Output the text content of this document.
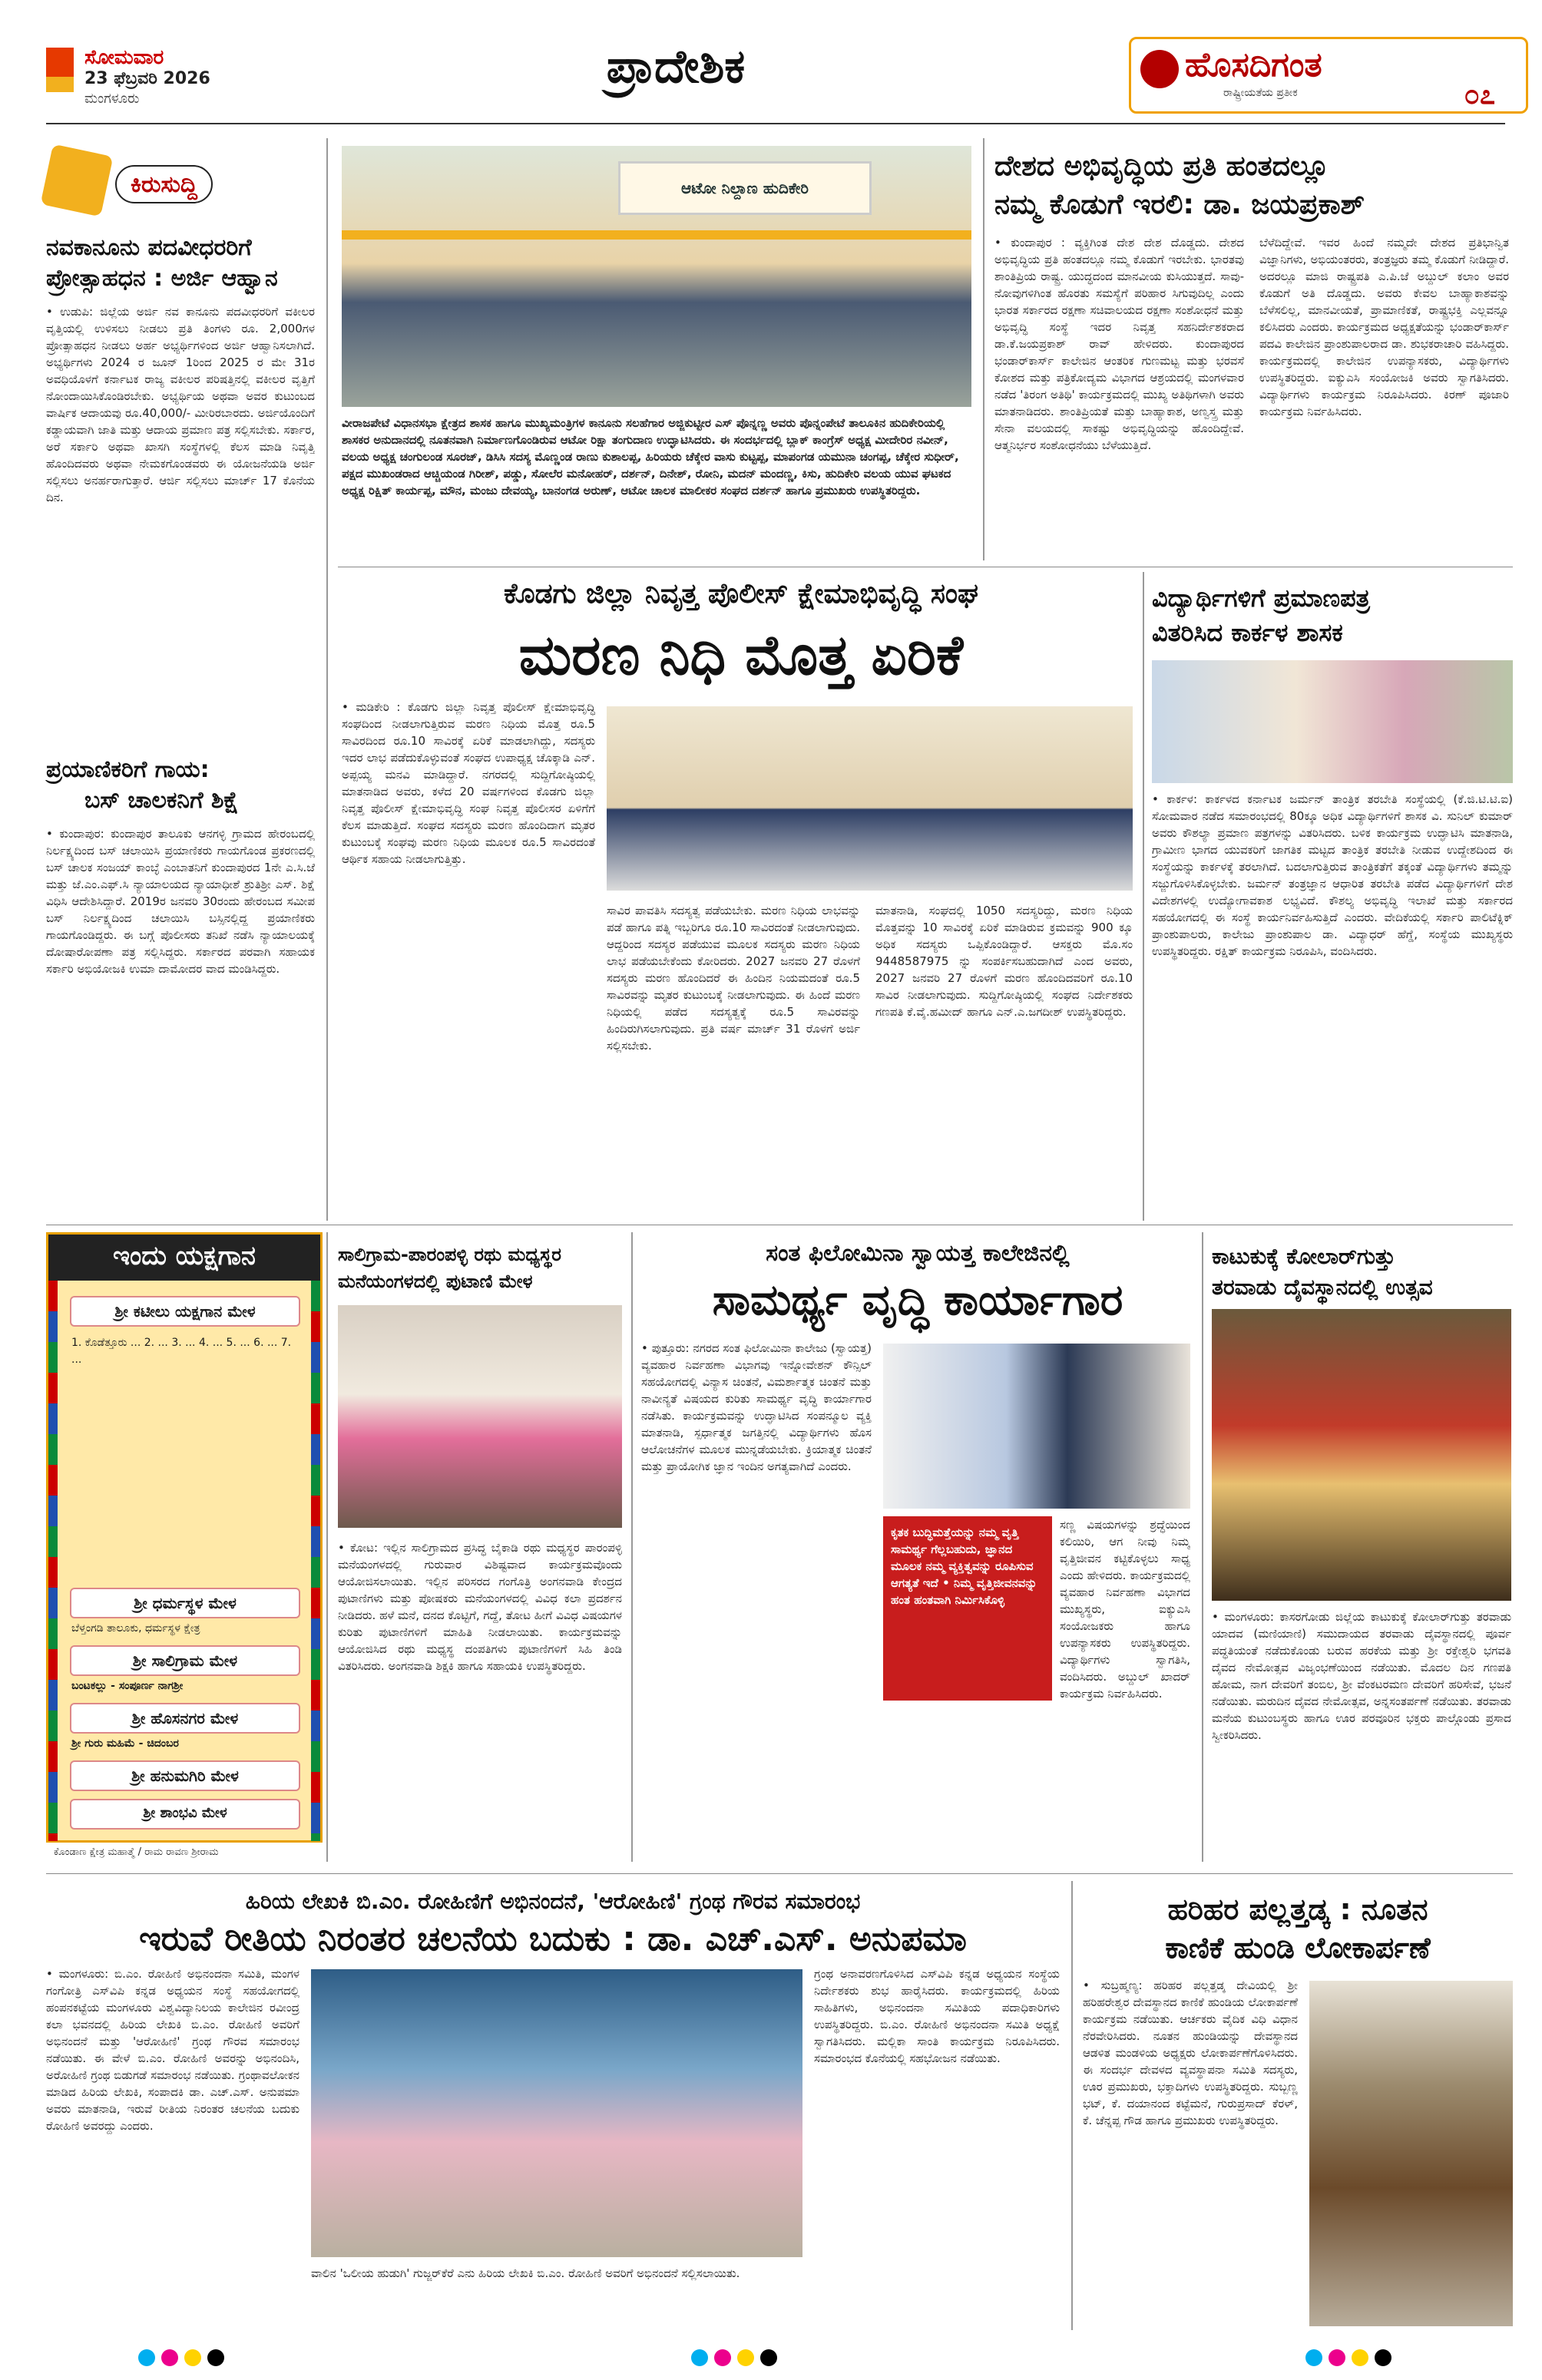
ಸೋಮವಾರ
23 ಫೆಬ್ರವರಿ 2026
ಮಂಗಳೂರು
ಪ್ರಾದೇಶಿಕ	ಹೊಸದಿಗಂತ
ರಾಷ್ಟ್ರೀಯತೆಯ ಪ್ರತೀಕ	೦೭
ಕಿರುಸುದ್ದಿ
ನವಕಾನೂನು ಪದವೀಧರರಿಗೆ
ಪ್ರೋತ್ಸಾಹಧನ : ಅರ್ಜಿ ಆಹ್ವಾನ
• ಉಡುಪಿ: ಜಿಲ್ಲೆಯ ಅರ್ಜಿ ನವ ಕಾನೂನು ಪದವೀಧರರಿಗೆ ವಕೀಲರ ವೃತ್ತಿಯಲ್ಲಿ ಉಳಿಸಲು ನೀಡಲು ಪ್ರತಿ ತಿಂಗಳು ರೂ. 2,000ಗಳ ಪ್ರೋತ್ಸಾಹಧನ ನೀಡಲು ಅರ್ಹ ಅಭ್ಯರ್ಥಿಗಳಿಂದ ಅರ್ಜಿ ಆಹ್ವಾನಿಸಲಾಗಿದೆ. ಅಭ್ಯರ್ಥಿಗಳು 2024 ರ ಜೂನ್ 1ರಿಂದ 2025 ರ ಮೇ 31ರ ಅವಧಿಯೊಳಗೆ ಕರ್ನಾಟಕ ರಾಜ್ಯ ವಕೀಲರ ಪರಿಷತ್ತಿನಲ್ಲಿ ವಕೀಲರ ವೃತ್ತಿಗೆ ನೋಂದಾಯಿಸಿಕೊಂಡಿರಬೇಕು. ಅಭ್ಯರ್ಥಿಯ ಅಥವಾ ಅವರ ಕುಟುಂಬದ ವಾರ್ಷಿಕ ಆದಾಯವು ರೂ.40,000/- ಮೀರಿರಬಾರದು. ಅರ್ಜಿಯೊಂದಿಗೆ ಕಡ್ಡಾಯವಾಗಿ ಜಾತಿ ಮತ್ತು ಆದಾಯ ಪ್ರಮಾಣ ಪತ್ರ ಸಲ್ಲಿಸಬೇಕು. ಸರ್ಕಾರ, ಅರೆ ಸರ್ಕಾರಿ ಅಥವಾ ಖಾಸಗಿ ಸಂಸ್ಥೆಗಳಲ್ಲಿ ಕೆಲಸ ಮಾಡಿ ನಿವೃತ್ತಿ ಹೊಂದಿದವರು ಅಥವಾ ನೇಮಕಗೊಂಡವರು ಈ ಯೋಜನೆಯಡಿ ಅರ್ಜಿ ಸಲ್ಲಿಸಲು ಅನರ್ಹರಾಗುತ್ತಾರೆ. ಆರ್ಜಿ ಸಲ್ಲಿಸಲು ಮಾರ್ಚ್ 17 ಕೊನೆಯ ದಿನ.
ಪ್ರಯಾಣಿಕರಿಗೆ ಗಾಯ:
ಬಸ್ ಚಾಲಕನಿಗೆ ಶಿಕ್ಷೆ
• ಕುಂದಾಪುರ: ಕುಂದಾಪುರ ತಾಲೂಕು ಆನಗಳ್ಳಿ ಗ್ರಾಮದ ಹೇರಂಬದಲ್ಲಿ ನಿರ್ಲಕ್ಷ್ಯದಿಂದ ಬಸ್ ಚಲಾಯಿಸಿ ಪ್ರಯಾಣಿಕರು ಗಾಯಗೊಂಡ ಪ್ರಕರಣದಲ್ಲಿ ಬಸ್ ಚಾಲಕ ಸಂಜಯ್ ಕಾಂಬ್ಳೆ ಎಂಬಾತನಿಗೆ ಕುಂದಾಪುರದ 1ನೇ ಎ.ಸಿ.ಜೆ ಮತ್ತು ಜೆ.ಎಂ.ಎಫ್.ಸಿ ನ್ಯಾಯಾಲಯದ ನ್ಯಾಯಾಧೀಶೆ ಶ್ರುತಿಶ್ರೀ ಎಸ್. ಶಿಕ್ಷೆ ವಿಧಿಸಿ ಆದೇಶಿಸಿದ್ದಾರೆ. 2019ರ ಜನವರಿ 30ರಂದು ಹೇರಂಬದ ಸಮೀಪ ಬಸ್ ನಿರ್ಲಕ್ಷ್ಯದಿಂದ ಚಲಾಯಿಸಿ ಬಸ್ಸಿನಲ್ಲಿದ್ದ ಪ್ರಯಾಣಿಕರು ಗಾಯಗೊಂಡಿದ್ದರು. ಈ ಬಗ್ಗೆ ಪೊಲೀಸರು ತನಿಖೆ ನಡೆಸಿ ನ್ಯಾಯಾಲಯಕ್ಕೆ ದೋಷಾರೋಪಣಾ ಪತ್ರ ಸಲ್ಲಿಸಿದ್ದರು. ಸರ್ಕಾರದ ಪರವಾಗಿ ಸಹಾಯಕ ಸರ್ಕಾರಿ ಅಭಿಯೋಜಕಿ ಉಮಾ ದಾಮೋದರ ವಾದ ಮಂಡಿಸಿದ್ದರು.
ಆಟೋ ನಿಲ್ದಾಣ ಹುದಿಕೇರಿ
ವೀರಾಜಪೇಟೆ ವಿಧಾನಸಭಾ ಕ್ಷೇತ್ರದ ಶಾಸಕ ಹಾಗೂ ಮುಖ್ಯಮಂತ್ರಿಗಳ ಕಾನೂನು ಸಲಹೆಗಾರ ಅಜ್ಜಿಕುಟ್ಟೀರ ಎಸ್ ಪೊನ್ನಣ್ಣ ಅವರು ಪೊನ್ನಂಪೇಟೆ ತಾಲೂಕಿನ ಹುದಿಕೇರಿಯಲ್ಲಿ ಶಾಸಕರ ಅನುದಾನದಲ್ಲಿ ನೂತನವಾಗಿ ನಿರ್ಮಾಣಗೊಂಡಿರುವ ಆಟೋ ರಿಕ್ಷಾ ತಂಗುದಾಣ ಉದ್ಘಾಟಿಸಿದರು. ಈ ಸಂದರ್ಭದಲ್ಲಿ ಬ್ಲಾಕ್ ಕಾಂಗ್ರೆಸ್ ಅಧ್ಯಕ್ಷ ಮೀದೇರಿರ ನವೀನ್, ವಲಯ ಅಧ್ಯಕ್ಷ ಚಂಗುಲಂಡ ಸೂರಜ್, ಡಿಸಿಸಿ ಸದಸ್ಯ ಮೊಣ್ಣಂಡ ರಾಣು ಕುಶಾಲಪ್ಪ, ಹಿರಿಯರು ಚೆಕ್ಕೇರ ವಾಸು ಕುಟ್ಟಪ್ಪ, ಮಾಪಂಗಡ ಯಮುನಾ ಚಂಗಪ್ಪ, ಚೆಕ್ಕೇರ ಸುಧೀರ್, ಪಕ್ಷದ ಮುಖಂಡರಾದ ಆಚ್ಚಿಯಂಡ ಗಿರೀಶ್, ಪಡ್ಡು, ಸೋಲೆರ ಮನೋಹರ್, ದರ್ಶನ್, ದಿನೇಶ್, ರೋನಿ, ಮದನ್ ಮಂದಣ್ಣ, ಕಿಸು, ಹುದಿಕೇರಿ ವಲಯ ಯುವ ಘಟಕದ ಅಧ್ಯಕ್ಷ ರಿಕ್ಷಿತ್ ಕಾರ್ಯಪ್ಪ, ಮೌನ, ಮಂಜು ದೇವಯ್ಯ, ಬಾನಂಗಡ ಅರುಣ್, ಆಟೋ ಚಾಲಕ ಮಾಲೀಕರ ಸಂಘದ ದರ್ಶನ್ ಹಾಗೂ ಪ್ರಮುಖರು ಉಪಸ್ಥಿತರಿದ್ದರು.
ದೇಶದ ಅಭಿವೃದ್ಧಿಯ ಪ್ರತಿ ಹಂತದಲ್ಲೂ
ನಮ್ಮ ಕೊಡುಗೆ ಇರಲಿ: ಡಾ. ಜಯಪ್ರಕಾಶ್
• ಕುಂದಾಪುರ : ವ್ಯಕ್ತಿಗಿಂತ ದೇಶ ದೇಶ ದೊಡ್ಡದು. ದೇಶದ ಅಭಿವೃದ್ಧಿಯ ಪ್ರತಿ ಹಂತದಲ್ಲೂ ನಮ್ಮ ಕೊಡುಗೆ ಇರಬೇಕು. ಭಾರತವು ಶಾಂತಿಪ್ರಿಯ ರಾಷ್ಟ್ರ. ಯುದ್ಧದಂದ ಮಾನವೀಯ ಕುಸಿಯುತ್ತದೆ. ಸಾವು-ನೋವುಗಳಿಗಿಂತ ಹೊರತು ಸಮಸ್ಯೆಗೆ ಪರಿಹಾರ ಸಿಗುವುದಿಲ್ಲ ಎಂದು ಭಾರತ ಸರ್ಕಾರದ ರಕ್ಷಣಾ ಸಚಿವಾಲಯದ ರಕ್ಷಣಾ ಸಂಶೋಧನೆ ಮತ್ತು ಅಭಿವೃದ್ಧಿ ಸಂಸ್ಥೆ ಇದರ ನಿವೃತ್ತ ಸಹನಿರ್ದೇಶಕರಾದ ಡಾ.ಕೆ.ಜಯಪ್ರಕಾಶ್ ರಾವ್ ಹೇಳಿದರು. ಕುಂದಾಪುರದ ಭಂಡಾರ್‌ಕಾರ್ಸ್ ಕಾಲೇಜಿನ ಆಂತರಿಕ ಗುಣಮಟ್ಟ ಮತ್ತು ಭರವಸೆ ಕೋಶದ ಮತ್ತು ಪತ್ರಿಕೋದ್ಯಮ ವಿಭಾಗದ ಆಶ್ರಯದಲ್ಲಿ ಮಂಗಳವಾರ ನಡೆದ 'ತಿರಂಗ ಅತಿಥಿ' ಕಾರ್ಯಕ್ರಮದಲ್ಲಿ ಮುಖ್ಯ ಅತಿಥಿಗಳಾಗಿ ಅವರು ಮಾತನಾಡಿದರು. ಶಾಂತಿಪ್ರಿಯತೆ ಮತ್ತು ಬಾಹ್ಯಾಕಾಶ, ಅಣ್ವಸ್ತ್ರ ಮತ್ತು ಸೇನಾ ವಲಯದಲ್ಲಿ ಸಾಕಷ್ಟು ಅಭಿವೃದ್ಧಿಯನ್ನು ಹೊಂದಿದ್ದೇವೆ. ಆತ್ಮನಿರ್ಭರ ಸಂಶೋಧನೆಯು ಬೆಳೆಯುತ್ತಿದೆ.
ಬೆಳೆದಿದ್ದೇವೆ. ಇವರ ಹಿಂದೆ ನಮ್ಮದೇ ದೇಶದ ಪ್ರತಿಭಾನ್ವಿತ ವಿಜ್ಞಾನಿಗಳು, ಅಭಿಯಂತರರು, ತಂತ್ರಜ್ಞರು ತಮ್ಮ ಕೊಡುಗೆ ನೀಡಿದ್ದಾರೆ. ಅದರಲ್ಲೂ ಮಾಜಿ ರಾಷ್ಟ್ರಪತಿ ಎ.ಪಿ.ಜೆ ಅಬ್ದುಲ್ ಕಲಾಂ ಅವರ ಕೊಡುಗೆ ಅತಿ ದೊಡ್ಡದು. ಅವರು ಕೇವಲ ಬಾಹ್ಯಾಕಾಶವನ್ನು ಬೆಳೆಸಲಿಲ್ಲ, ಮಾನವೀಯತೆ, ಪ್ರಾಮಾಣಿಕತೆ, ರಾಷ್ಟ್ರಭಕ್ತಿ ಎಲ್ಲವನ್ನೂ ಕಲಿಸಿದರು ಎಂದರು. ಕಾರ್ಯಕ್ರಮದ ಅಧ್ಯಕ್ಷತೆಯನ್ನು ಭಂಡಾರ್‌ಕಾರ್ಸ್ ಪದವಿ ಕಾಲೇಜಿನ ಪ್ರಾಂಶುಪಾಲರಾದ ಡಾ. ಶುಭಕರಾಚಾರಿ ವಹಿಸಿದ್ದರು. ಕಾರ್ಯಕ್ರಮದಲ್ಲಿ ಕಾಲೇಜಿನ ಉಪನ್ಯಾಸಕರು, ವಿದ್ಯಾರ್ಥಿಗಳು ಉಪಸ್ಥಿತರಿದ್ದರು. ಐಕ್ಯುಎಸಿ ಸಂಯೋಜಕಿ ಅವರು ಸ್ವಾಗತಿಸಿದರು. ವಿದ್ಯಾರ್ಥಿಗಳು ಕಾರ್ಯಕ್ರಮ ನಿರೂಪಿಸಿದರು. ಕಿರಣ್ ಪೂಜಾರಿ ಕಾರ್ಯಕ್ರಮ ನಿರ್ವಹಿಸಿದರು.
ಕೊಡಗು ಜಿಲ್ಲಾ ನಿವೃತ್ತ ಪೊಲೀಸ್ ಕ್ಷೇಮಾಭಿವೃದ್ಧಿ ಸಂಘ
ಮರಣ ನಿಧಿ ಮೊತ್ತ ಏರಿಕೆ
• ಮಡಿಕೇರಿ : ಕೊಡಗು ಜಿಲ್ಲಾ ನಿವೃತ್ತ ಪೊಲೀಸ್ ಕ್ಷೇಮಾಭಿವೃದ್ಧಿ ಸಂಘದಿಂದ ನೀಡಲಾಗುತ್ತಿರುವ ಮರಣ ನಿಧಿಯ ಮೊತ್ತ ರೂ.5 ಸಾವಿರದಿಂದ ರೂ.10 ಸಾವಿರಕ್ಕೆ ಏರಿಕೆ ಮಾಡಲಾಗಿದ್ದು, ಸದಸ್ಯರು ಇದರ ಲಾಭ ಪಡೆದುಕೊಳ್ಳುವಂತೆ ಸಂಘದ ಉಪಾಧ್ಯಕ್ಷ ಚೊಕ್ಕಾಡಿ ಎನ್. ಅಪ್ಪಯ್ಯ ಮನವಿ ಮಾಡಿದ್ದಾರೆ. ನಗರದಲ್ಲಿ ಸುದ್ದಿಗೋಷ್ಠಿಯಲ್ಲಿ ಮಾತನಾಡಿದ ಅವರು, ಕಳೆದ 20 ವರ್ಷಗಳಿಂದ ಕೊಡಗು ಜಿಲ್ಲಾ ನಿವೃತ್ತ ಪೊಲೀಸ್ ಕ್ಷೇಮಾಭಿವೃದ್ಧಿ ಸಂಘ ನಿವೃತ್ತ ಪೊಲೀಸರ ಏಳಿಗೆಗೆ ಕೆಲಸ ಮಾಡುತ್ತಿದೆ. ಸಂಘದ ಸದಸ್ಯರು ಮರಣ ಹೊಂದಿದಾಗ ಮೃತರ ಕುಟುಂಬಕ್ಕೆ ಸಂಘವು ಮರಣ ನಿಧಿಯ ಮೂಲಕ ರೂ.5 ಸಾವಿರದಂತೆ ಆರ್ಥಿಕ ಸಹಾಯ ನೀಡಲಾಗುತ್ತಿತ್ತು.
ಸಾವಿರ ಪಾವತಿಸಿ ಸದಸ್ಯತ್ವ ಪಡೆಯಬೇಕು. ಮರಣ ನಿಧಿಯ ಲಾಭವನ್ನು ಪಡೆ ಹಾಗೂ ಪತ್ನಿ ಇಬ್ಬರಿಗೂ ರೂ.10 ಸಾವಿರದಂತೆ ನೀಡಲಾಗುವುದು. ಆದ್ದರಿಂದ ಸದಸ್ಯರ ಪಡೆಯುವ ಮೂಲಕ ಸದಸ್ಯರು ಮರಣ ನಿಧಿಯ ಲಾಭ ಪಡೆಯಬೇಕೆಂದು ಕೋರಿದರು. 2027 ಜನವರಿ 27 ರೊಳಗೆ ಸದಸ್ಯರು ಮರಣ ಹೊಂದಿದರೆ ಈ ಹಿಂದಿನ ನಿಯಮದಂತೆ ರೂ.5 ಸಾವಿರವನ್ನು ಮೃತರ ಕುಟುಂಬಕ್ಕೆ ನೀಡಲಾಗುವುದು. ಈ ಹಿಂದೆ ಮರಣ ನಿಧಿಯಲ್ಲಿ ಪಡೆದ ಸದಸ್ಯತ್ವಕ್ಕೆ ರೂ.5 ಸಾವಿರವನ್ನು ಹಿಂದಿರುಗಿಸಲಾಗುವುದು. ಪ್ರತಿ ವರ್ಷ ಮಾರ್ಚ್ 31 ರೊಳಗೆ ಅರ್ಜಿ ಸಲ್ಲಿಸಬೇಕು.
ಮಾತನಾಡಿ, ಸಂಘದಲ್ಲಿ 1050 ಸದಸ್ಯರಿದ್ದು, ಮರಣ ನಿಧಿಯ ಮೊತ್ತವನ್ನು 10 ಸಾವಿರಕ್ಕೆ ಏರಿಕೆ ಮಾಡಿರುವ ಕ್ರಮವನ್ನು 900 ಕ್ಕೂ ಅಧಿಕ ಸದಸ್ಯರು ಒಪ್ಪಿಕೊಂಡಿದ್ದಾರೆ. ಆಸಕ್ತರು ಮೊ.ಸಂ 9448587975 ನ್ನು ಸಂಪರ್ಕಿಸಬಹುದಾಗಿದೆ ಎಂದ ಅವರು, 2027 ಜನವರಿ 27 ರೊಳಗೆ ಮರಣ ಹೊಂದಿದವರಿಗೆ ರೂ.10 ಸಾವಿರ ನೀಡಲಾಗುವುದು. ಸುದ್ದಿಗೋಷ್ಠಿಯಲ್ಲಿ ಸಂಘದ ನಿರ್ದೇಶಕರು ಗಣಪತಿ ಕೆ.ವೈ.ಹಮೀದ್ ಹಾಗೂ ಎನ್.ಎ.ಜಗದೀಶ್ ಉಪಸ್ಥಿತರಿದ್ದರು.
ವಿದ್ಯಾರ್ಥಿಗಳಿಗೆ ಪ್ರಮಾಣಪತ್ರ
ವಿತರಿಸಿದ ಕಾರ್ಕಳ ಶಾಸಕ
• ಕಾರ್ಕಳ: ಕಾರ್ಕಳದ ಕರ್ನಾಟಕ ಜರ್ಮನ್ ತಾಂತ್ರಿಕ ತರಬೇತಿ ಸಂಸ್ಥೆಯಲ್ಲಿ (ಕೆ.ಜಿ.ಟಿ.ಟಿ.ಐ) ಸೋಮವಾರ ನಡೆದ ಸಮಾರಂಭದಲ್ಲಿ 80ಕ್ಕೂ ಅಧಿಕ ವಿದ್ಯಾರ್ಥಿಗಳಿಗೆ ಶಾಸಕ ವಿ. ಸುನಿಲ್ ಕುಮಾರ್ ಅವರು ಕೌಶಲ್ಯಾ ಪ್ರಮಾಣ ಪತ್ರಗಳನ್ನು ವಿತರಿಸಿದರು. ಬಳಿಕ ಕಾರ್ಯಕ್ರಮ ಉದ್ಘಾಟಿಸಿ ಮಾತನಾಡಿ, ಗ್ರಾಮೀಣ ಭಾಗದ ಯುವಕರಿಗೆ ಜಾಗತಿಕ ಮಟ್ಟದ ತಾಂತ್ರಿಕ ತರಬೇತಿ ನೀಡುವ ಉದ್ದೇಶದಿಂದ ಈ ಸಂಸ್ಥೆಯನ್ನು ಕಾರ್ಕಳಕ್ಕೆ ತರಲಾಗಿದೆ. ಬದಲಾಗುತ್ತಿರುವ ತಾಂತ್ರಿಕತೆಗೆ ತಕ್ಕಂತೆ ವಿದ್ಯಾರ್ಥಿಗಳು ತಮ್ಮನ್ನು ಸಜ್ಜುಗೊಳಿಸಿಕೊಳ್ಳಬೇಕು. ಜರ್ಮನ್ ತಂತ್ರಜ್ಞಾನ ಆಧಾರಿತ ತರಬೇತಿ ಪಡೆದ ವಿದ್ಯಾರ್ಥಿಗಳಿಗೆ ದೇಶ ವಿದೇಶಗಳಲ್ಲಿ ಉದ್ಯೋಗಾವಕಾಶ ಲಭ್ಯವಿದೆ. ಕೌಶಲ್ಯ ಅಭಿವೃದ್ಧಿ ಇಲಾಖೆ ಮತ್ತು ಸರ್ಕಾರದ ಸಹಯೋಗದಲ್ಲಿ ಈ ಸಂಸ್ಥೆ ಕಾರ್ಯನಿರ್ವಹಿಸುತ್ತಿದೆ ಎಂದರು. ವೇದಿಕೆಯಲ್ಲಿ ಸರ್ಕಾರಿ ಪಾಲಿಟೆಕ್ನಿಕ್ ಪ್ರಾಂಶುಪಾಲರು, ಕಾಲೇಜು ಪ್ರಾಂಶುಪಾಲ ಡಾ. ವಿದ್ಯಾಧರ್ ಹೆಗ್ಡೆ, ಸಂಸ್ಥೆಯ ಮುಖ್ಯಸ್ಥರು ಉಪಸ್ಥಿತರಿದ್ದರು. ರಕ್ಷಿತ್ ಕಾರ್ಯಕ್ರಮ ನಿರೂಪಿಸಿ, ವಂದಿಸಿದರು.
ಇಂದು ಯಕ್ಷಗಾನ
ಶ್ರೀ ಕಟೀಲು ಯಕ್ಷಗಾನ ಮೇಳ
1. ಕೊಡೆತ್ತೂರು ... 2. ... 3. ... 4. ... 5. ... 6. ... 7. ...
ಶ್ರೀ ಧರ್ಮಸ್ಥಳ ಮೇಳ
ಬೆಳ್ತಂಗಡಿ ತಾಲೂಕು, ಧರ್ಮಸ್ಥಳ ಕ್ಷೇತ್ರ
ಶ್ರೀ ಸಾಲಿಗ್ರಾಮ ಮೇಳ
ಬಂಟಕಲ್ಲು - ಸಂಪೂರ್ಣ ನಾಗಶ್ರೀ
ಶ್ರೀ ಹೊಸನಗರ ಮೇಳ
ಶ್ರೀ ಗುರು ಮಹಿಮೆ - ಚಿದಂಬರ
ಶ್ರೀ ಹನುಮಗಿರಿ ಮೇಳ
ಶ್ರೀ ಶಾಂಭವಿ ಮೇಳ
ಕೊಂಡಾಣ ಕ್ಷೇತ್ರ ಮಹಾತ್ಮೆ / ರಾಮ ರಾವಣ ಶ್ರೀರಾಮ
ಸಾಲಿಗ್ರಾಮ-ಪಾರಂಪಳ್ಳಿ ರಥು ಮಧ್ಯಸ್ಥರ
ಮನೆಯಂಗಳದಲ್ಲಿ ಪುಟಾಣಿ ಮೇಳ
• ಕೋಟ: ಇಲ್ಲಿನ ಸಾಲಿಗ್ರಾಮದ ಪ್ರಸಿದ್ಧ ಬೈಕಾಡಿ ರಥು ಮಧ್ಯಸ್ಥರ ಪಾರಂಪಳ್ಳಿ ಮನೆಯಂಗಳದಲ್ಲಿ ಗುರುವಾರ ವಿಶಿಷ್ಟವಾದ ಕಾರ್ಯಕ್ರಮವೊಂದು ಆಯೋಜಿಸಲಾಯಿತು. ಇಲ್ಲಿನ ಪರಿಸರದ ಗಂಗೊತ್ರಿ ಅಂಗನವಾಡಿ ಕೇಂದ್ರದ ಪುಟಾಣಿಗಳು ಮತ್ತು ಪೋಷಕರು ಮನೆಯಂಗಳದಲ್ಲಿ ವಿವಿಧ ಕಲಾ ಪ್ರದರ್ಶನ ನೀಡಿದರು. ಹಳೆ ಮನೆ, ದನದ ಕೊಟ್ಟಿಗೆ, ಗದ್ದೆ, ತೋಟ ಹೀಗೆ ವಿವಿಧ ವಿಷಯಗಳ ಕುರಿತು ಪುಟಾಣಿಗಳಿಗೆ ಮಾಹಿತಿ ನೀಡಲಾಯಿತು. ಕಾರ್ಯಕ್ರಮವನ್ನು ಆಯೋಜಿಸಿದ ರಥು ಮಧ್ಯಸ್ಥ ದಂಪತಿಗಳು ಪುಟಾಣಿಗಳಿಗೆ ಸಿಹಿ ತಿಂಡಿ ವಿತರಿಸಿದರು. ಅಂಗನವಾಡಿ ಶಿಕ್ಷಕಿ ಹಾಗೂ ಸಹಾಯಕಿ ಉಪಸ್ಥಿತರಿದ್ದರು.
ಸಂತ ಫಿಲೋಮಿನಾ ಸ್ವಾಯತ್ತ ಕಾಲೇಜಿನಲ್ಲಿ
ಸಾಮರ್ಥ್ಯ ವೃದ್ಧಿ ಕಾರ್ಯಾಗಾರ
• ಪುತ್ತೂರು: ನಗರದ ಸಂತ ಫಿಲೋಮಿನಾ ಕಾಲೇಜು (ಸ್ವಾಯತ್ತ) ವ್ಯವಹಾರ ನಿರ್ವಹಣಾ ವಿಭಾಗವು ಇನ್ನೋವೇಶನ್ ಕೌನ್ಸಿಲ್ ಸಹಯೋಗದಲ್ಲಿ ವಿನ್ಯಾಸ ಚಿಂತನೆ, ವಿಮರ್ಶಾತ್ಮಕ ಚಿಂತನೆ ಮತ್ತು ನಾವೀನ್ಯತೆ ವಿಷಯದ ಕುರಿತು ಸಾಮರ್ಥ್ಯ ವೃದ್ಧಿ ಕಾರ್ಯಾಗಾರ ನಡೆಸಿತು. ಕಾರ್ಯಕ್ರಮವನ್ನು ಉದ್ಘಾಟಿಸಿದ ಸಂಪನ್ಮೂಲ ವ್ಯಕ್ತಿ ಮಾತನಾಡಿ, ಸ್ಪರ್ಧಾತ್ಮಕ ಜಗತ್ತಿನಲ್ಲಿ ವಿದ್ಯಾರ್ಥಿಗಳು ಹೊಸ ಆಲೋಚನೆಗಳ ಮೂಲಕ ಮುನ್ನಡೆಯಬೇಕು. ಕ್ರಿಯಾತ್ಮಕ ಚಿಂತನೆ ಮತ್ತು ಪ್ರಾಯೋಗಿಕ ಜ್ಞಾನ ಇಂದಿನ ಅಗತ್ಯವಾಗಿದೆ ಎಂದರು.
ಕೃತಕ ಬುದ್ಧಿಮತ್ತೆಯನ್ನು ನಮ್ಮ ವೃತ್ತಿ ಸಾಮರ್ಥ್ಯ ಗೆಲ್ಲಬಹುದು, ಜ್ಞಾನದ ಮೂಲಕ ನಮ್ಮ ವ್ಯಕ್ತಿತ್ವವನ್ನು ರೂಪಿಸುವ ಆಗತ್ಯತೆ ಇದೆ • ನಿಮ್ಮ ವೃತ್ತಿಜೀವನವನ್ನು ಹಂತ ಹಂತವಾಗಿ ನಿರ್ಮಿಸಿಕೊಳ್ಳಿ
ಸಣ್ಣ ವಿಷಯಗಳನ್ನು ಶ್ರದ್ಧೆಯಿಂದ ಕಲಿಯಿರಿ, ಆಗ ನೀವು ನಿಮ್ಮ ವೃತ್ತಿಜೀವನ ಕಟ್ಟಿಕೊಳ್ಳಲು ಸಾಧ್ಯ ಎಂದು ಹೇಳಿದರು. ಕಾರ್ಯಕ್ರಮದಲ್ಲಿ ವ್ಯವಹಾರ ನಿರ್ವಹಣಾ ವಿಭಾಗದ ಮುಖ್ಯಸ್ಥರು, ಐಕ್ಯುಎಸಿ ಸಂಯೋಜಕರು ಹಾಗೂ ಉಪನ್ಯಾಸಕರು ಉಪಸ್ಥಿತರಿದ್ದರು. ವಿದ್ಯಾರ್ಥಿಗಳು ಸ್ವಾಗತಿಸಿ, ವಂದಿಸಿದರು. ಅಬ್ದುಲ್ ಖಾದರ್ ಕಾರ್ಯಕ್ರಮ ನಿರ್ವಹಿಸಿದರು.
ಕಾಟುಕುಕ್ಕೆ ಕೋಲಾರ್‌ಗುತ್ತು
ತರವಾಡು ದೈವಸ್ಥಾನದಲ್ಲಿ ಉತ್ಸವ
• ಮಂಗಳೂರು: ಕಾಸರಗೋಡು ಜಿಲ್ಲೆಯ ಕಾಟುಕುಕ್ಕೆ ಕೋಲಾರ್‌ಗುತ್ತು ತರವಾಡು ಯಾದವ (ಮಣಿಯಾಣಿ) ಸಮುದಾಯದ ತರವಾಡು ದೈವಸ್ಥಾನದಲ್ಲಿ ಪೂರ್ವ ಪದ್ಧತಿಯಂತೆ ನಡೆದುಕೊಂಡು ಬರುವ ಹರಕೆಯ ಮತ್ತು ಶ್ರೀ ರಕ್ತೇಶ್ವರಿ ಭಗವತಿ ದೈವದ ನೇಮೋತ್ಸವ ವಿಜೃಂಭಣೆಯಿಂದ ನಡೆಯಿತು. ಮೊದಲ ದಿನ ಗಣಪತಿ ಹೋಮ, ನಾಗ ದೇವರಿಗೆ ತಂಬಿಲ, ಶ್ರೀ ವೆಂಕಟರಮಣ ದೇವರಿಗೆ ಹರಿಸೇವೆ, ಭಜನೆ ನಡೆಯಿತು. ಮರುದಿನ ದೈವದ ನೇಮೋತ್ಸವ, ಅನ್ನಸಂತರ್ಪಣೆ ನಡೆಯಿತು. ತರವಾಡು ಮನೆಯ ಕುಟುಂಬಸ್ಥರು ಹಾಗೂ ಊರ ಪರವೂರಿನ ಭಕ್ತರು ಪಾಲ್ಗೊಂಡು ಪ್ರಸಾದ ಸ್ವೀಕರಿಸಿದರು.
ಹಿರಿಯ ಲೇಖಕಿ ಬಿ.ಎಂ. ರೋಹಿಣಿಗೆ ಅಭಿನಂದನೆ, 'ಆರೋಹಿಣಿ' ಗ್ರಂಥ ಗೌರವ ಸಮಾರಂಭ
ಇರುವೆ ರೀತಿಯ ನಿರಂತರ ಚಲನೆಯ ಬದುಕು : ಡಾ. ಎಚ್.ಎಸ್. ಅನುಪಮಾ
• ಮಂಗಳೂರು: ಬಿ.ಎಂ. ರೋಹಿಣಿ ಅಭಿನಂದನಾ ಸಮಿತಿ, ಮಂಗಳ ಗಂಗೋತ್ರಿ ಎಸ್‌ವಿಪಿ ಕನ್ನಡ ಅಧ್ಯಯನ ಸಂಸ್ಥೆ ಸಹಯೋಗದಲ್ಲಿ ಹಂಪನಕಟ್ಟೆಯ ಮಂಗಳೂರು ವಿಶ್ವವಿದ್ಯಾನಿಲಯ ಕಾಲೇಜಿನ ರವೀಂದ್ರ ಕಲಾ ಭವನದಲ್ಲಿ ಹಿರಿಯ ಲೇಖಕಿ ಬಿ.ಎಂ. ರೋಹಿಣಿ ಅವರಿಗೆ ಅಭಿನಂದನೆ ಮತ್ತು 'ಆರೋಹಿಣಿ' ಗ್ರಂಥ ಗೌರವ ಸಮಾರಂಭ ನಡೆಯಿತು. ಈ ವೇಳೆ ಬಿ.ಎಂ. ರೋಹಿಣಿ ಅವರನ್ನು ಅಭಿನಂದಿಸಿ, ಅರೋಹಿಣಿ ಗ್ರಂಥ ಬಿಡುಗಡೆ ಸಮಾರಂಭ ನಡೆಯಿತು. ಗ್ರಂಥಾವಲೋಕನ ಮಾಡಿದ ಹಿರಿಯ ಲೇಖಕಿ, ಸಂಪಾದಕಿ ಡಾ. ಎಚ್.ಎಸ್. ಅನುಪಮಾ ಅವರು ಮಾತನಾಡಿ, ಇರುವೆ ರೀತಿಯ ನಿರಂತರ ಚಲನೆಯ ಬದುಕು ರೋಹಿಣಿ ಅವರದ್ದು ಎಂದರು.
ವಾಲಿನ 'ಒಲೀಯ ಹುಡುಗಿ' ಗುಜ್ಜರ್‌ಕೆರೆ ಎನು ಹಿರಿಯ ಲೇಖಕಿ ಬಿ.ಎಂ. ರೋಹಿಣಿ ಅವರಿಗೆ ಅಭಿನಂದನೆ ಸಲ್ಲಿಸಲಾಯಿತು.
ಗ್ರಂಥ ಅನಾವರಣಗೊಳಿಸಿದ ಎಸ್‌ವಿಪಿ ಕನ್ನಡ ಅಧ್ಯಯನ ಸಂಸ್ಥೆಯ ನಿರ್ದೇಶಕರು ಶುಭ ಹಾರೈಸಿದರು. ಕಾರ್ಯಕ್ರಮದಲ್ಲಿ ಹಿರಿಯ ಸಾಹಿತಿಗಳು, ಅಭಿನಂದನಾ ಸಮಿತಿಯ ಪದಾಧಿಕಾರಿಗಳು ಉಪಸ್ಥಿತರಿದ್ದರು. ಬಿ.ಎಂ. ರೋಹಿಣಿ ಅಭಿನಂದನಾ ಸಮಿತಿ ಅಧ್ಯಕ್ಷೆ ಸ್ವಾಗತಿಸಿದರು. ಮಲ್ಲಿಕಾ ಸಾಂತಿ ಕಾರ್ಯಕ್ರಮ ನಿರೂಪಿಸಿದರು. ಸಮಾರಂಭದ ಕೊನೆಯಲ್ಲಿ ಸಹಭೋಜನ ನಡೆಯಿತು.
ಹರಿಹರ ಪಲ್ಲತ್ತಡ್ಕ : ನೂತನ
ಕಾಣಿಕೆ ಹುಂಡಿ ಲೋಕಾರ್ಪಣೆ
• ಸುಬ್ರಹ್ಮಣ್ಯ: ಹರಿಹರ ಪಲ್ಲತ್ತಡ್ಕ ದೇವಿಯಲ್ಲಿ ಶ್ರೀ ಹರಿಹರೇಶ್ವರ ದೇವಸ್ಥಾನದ ಕಾಣಿಕೆ ಹುಂಡಿಯ ಲೋಕಾರ್ಪಣೆ ಕಾರ್ಯಕ್ರಮ ನಡೆಯಿತು. ಆರ್ಚಕರು ವೈದಿಕ ವಿಧಿ ವಿಧಾನ ನೆರವೇರಿಸಿದರು. ನೂತನ ಹುಂಡಿಯನ್ನು ದೇವಸ್ಥಾನದ ಆಡಳಿತ ಮಂಡಳಿಯ ಅಧ್ಯಕ್ಷರು ಲೋಕಾರ್ಪಣೆಗೊಳಿಸಿದರು. ಈ ಸಂದರ್ಭ ದೇವಳದ ವ್ಯವಸ್ಥಾಪನಾ ಸಮಿತಿ ಸದಸ್ಯರು, ಊರ ಪ್ರಮುಖರು, ಭಕ್ತಾದಿಗಳು ಉಪಸ್ಥಿತರಿದ್ದರು. ಸುಬ್ಬಣ್ಣ ಭಟ್, ಕೆ. ದಯಾನಂದ ಕಟ್ಟೆಮನೆ, ಗುರುಪ್ರಸಾದ್ ಕೆರಳ್, ಕೆ. ಚೆನ್ನಪ್ಪ ಗೌಡ ಹಾಗೂ ಪ್ರಮುಖರು ಉಪಸ್ಥಿತರಿದ್ದರು.
